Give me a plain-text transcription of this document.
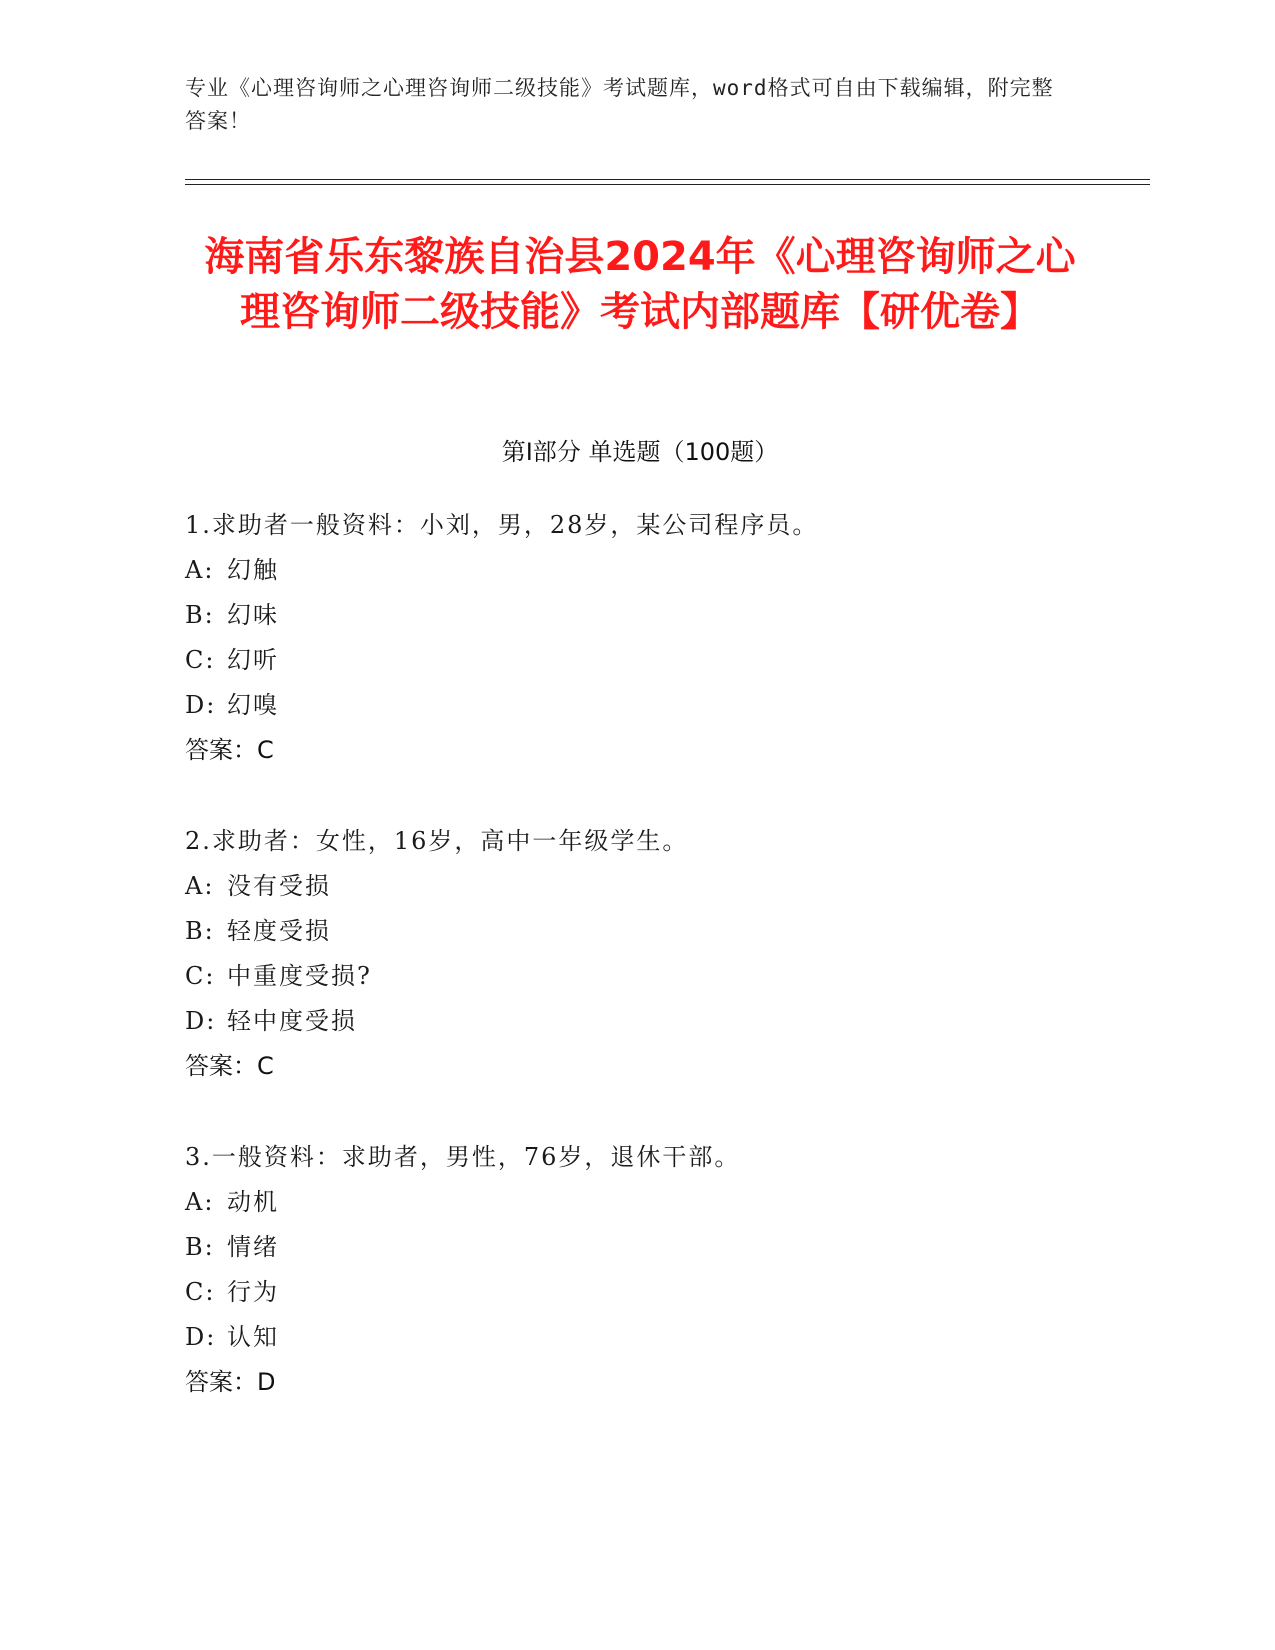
专业《心理咨询师之心理咨询师二级技能》考试题库，word格式可自由下载编辑，附完整答案！
海南省乐东黎族自治县2024年《心理咨询师之心理咨询师二级技能》考试内部题库【研优卷】
第Ⅰ部分 单选题（100题）
1.求助者一般资料：小刘，男，28岁，某公司程序员。
A: 幻触
B: 幻味
C: 幻听
D: 幻嗅
答案：C
2.求助者：女性，16岁，高中一年级学生。
A: 没有受损
B: 轻度受损
C: 中重度受损?
D: 轻中度受损
答案：C
3.一般资料：求助者，男性，76岁，退休干部。
A: 动机
B: 情绪
C: 行为
D: 认知
答案：D
